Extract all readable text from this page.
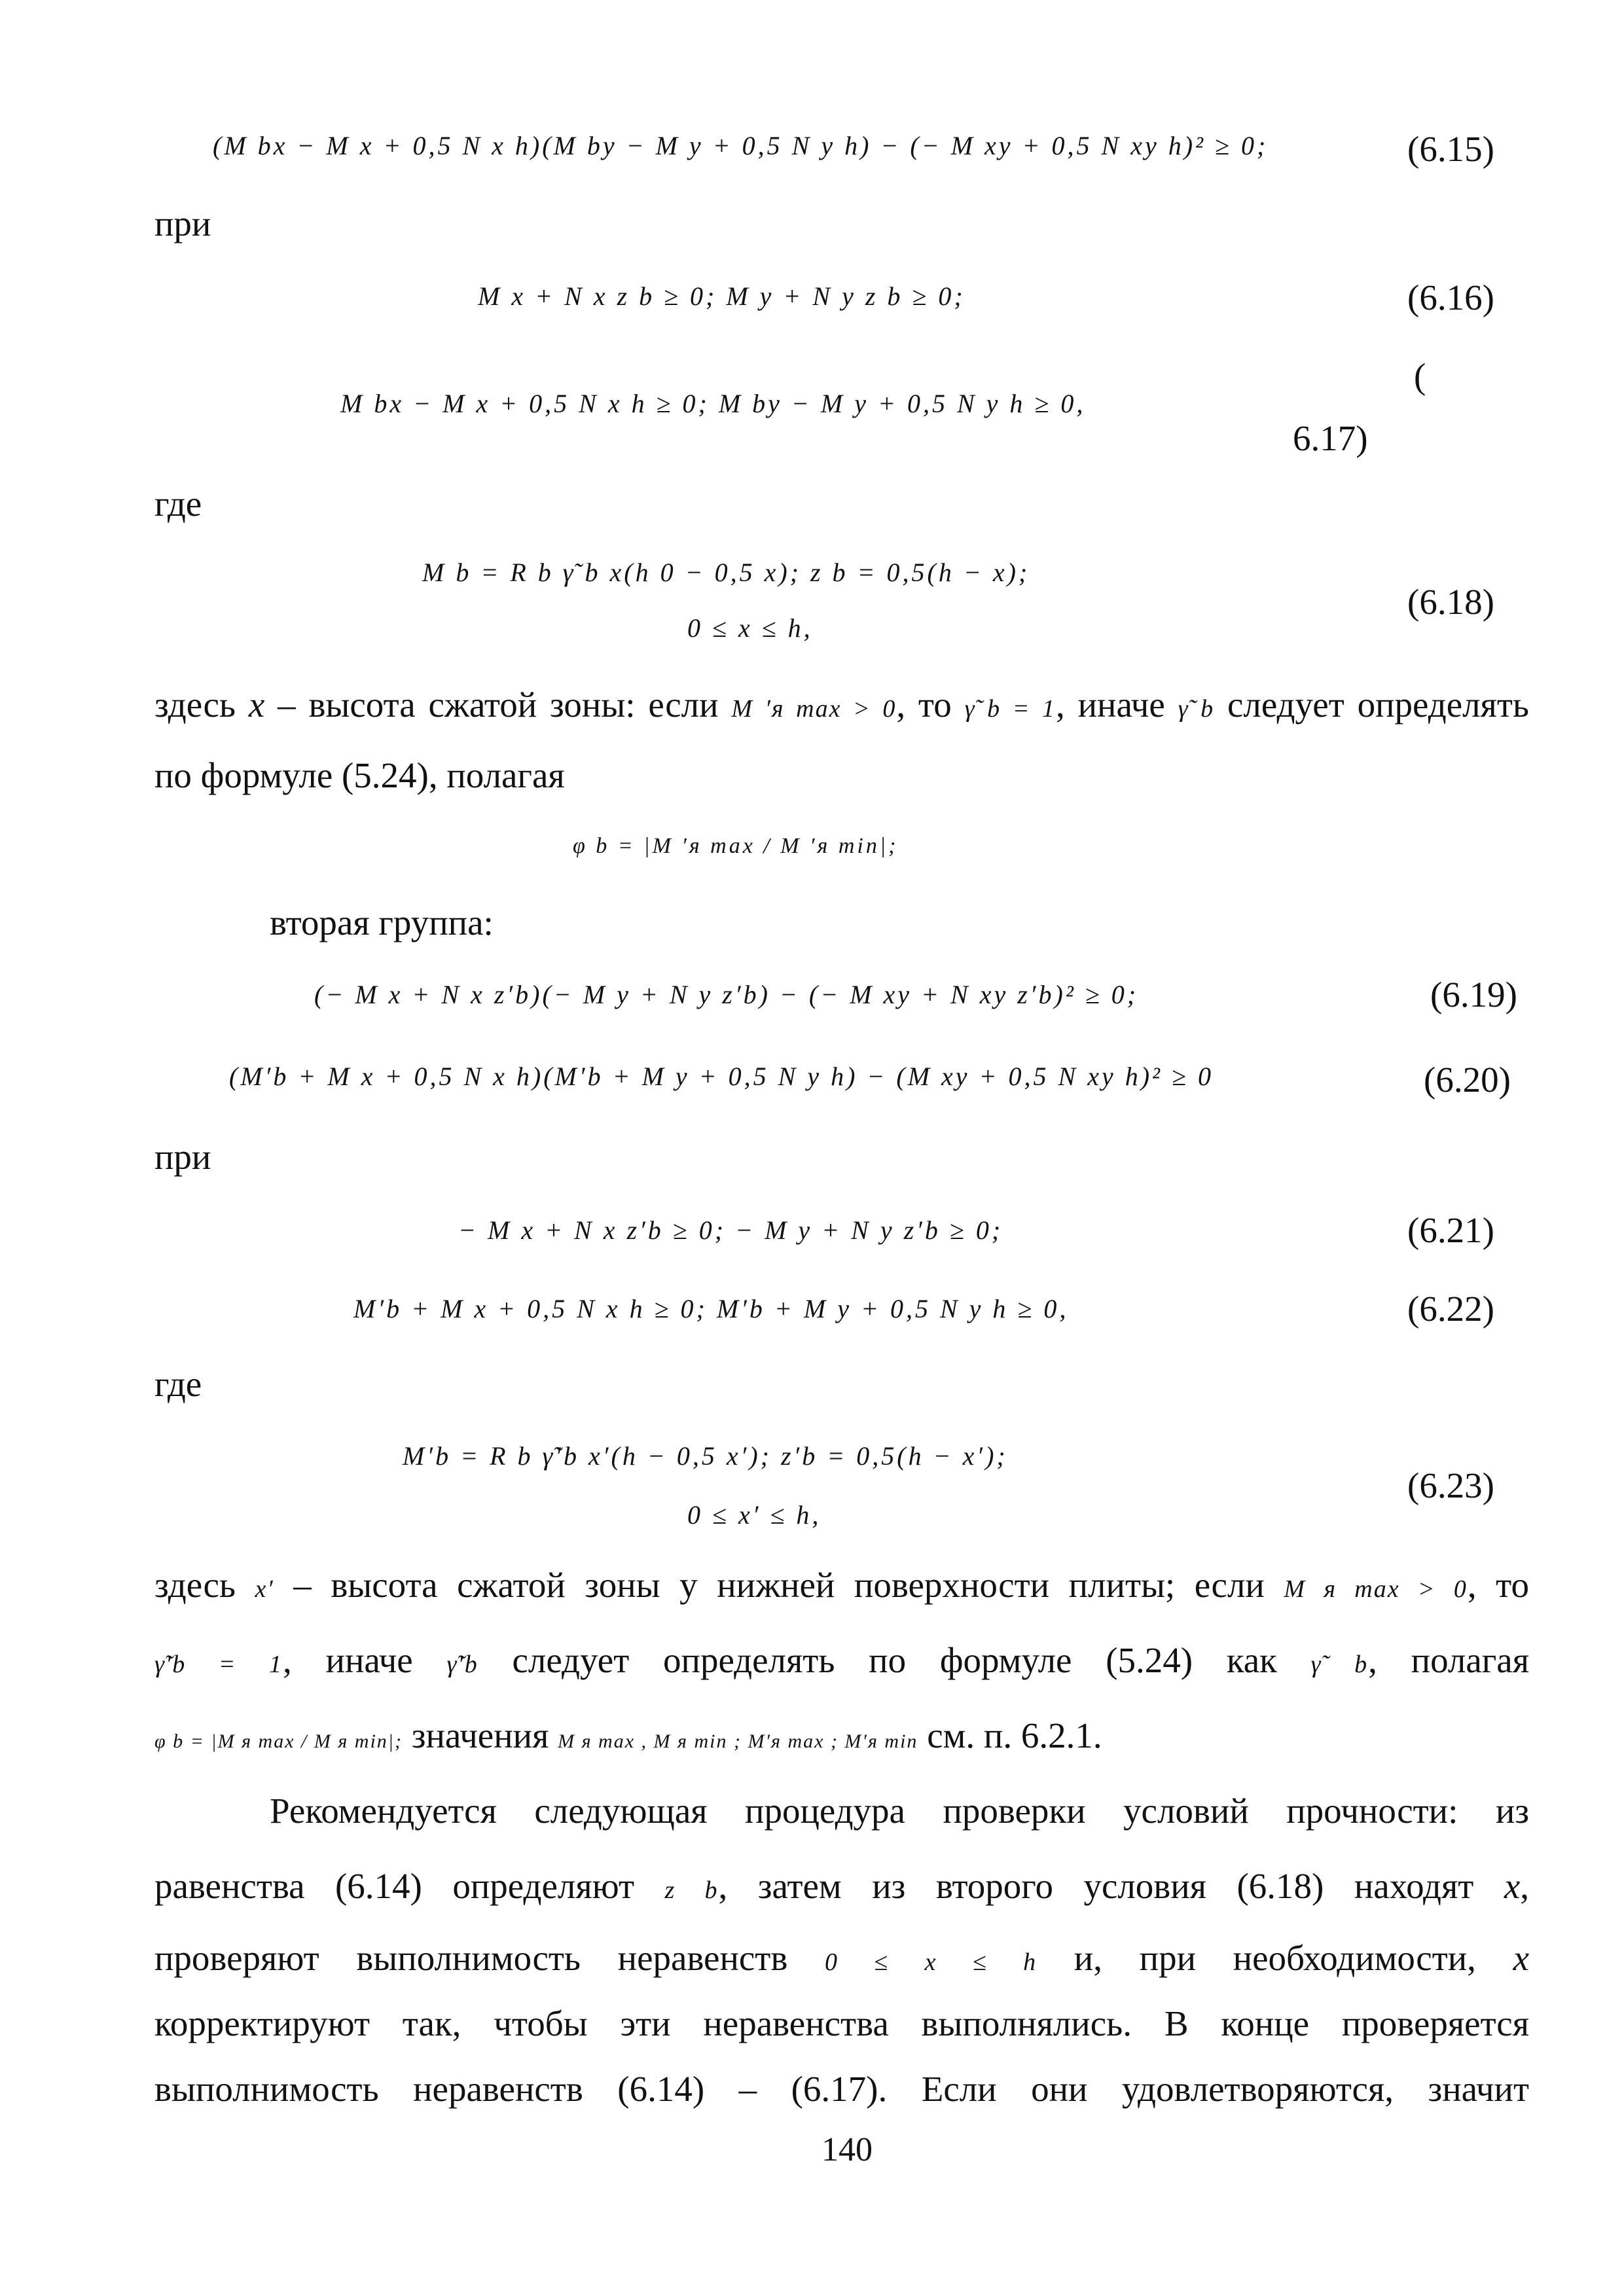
(M bx − M x + 0,5 N x h)(M by − M y + 0,5 N y h) − (− M xy + 0,5 N xy h)² ≥ 0;	(6.15)
при
M x + N x z b ≥ 0; M y + N y z b ≥ 0;	(6.16)
M bx − M x + 0,5 N x h ≥ 0; M by − M y + 0,5 N y h ≥ 0,
(
6.17)
где
M b = R b γ̃ b x(h 0 − 0,5 x); z b = 0,5(h − x);
0 ≤ x ≤ h,
(6.18)
здесь x – высота сжатой зоны: если M ′я max > 0, то γ̃ b = 1, иначе γ̃ b следует определять
по формуле (5.24), полагая
φ b = |M ′я max / M ′я min|;
вторая группа:
(− M x + N x z′b)(− M y + N y z′b) − (− M xy + N xy z′b)² ≥ 0;	(6.19)
(M′b + M x + 0,5 N x h)(M′b + M y + 0,5 N y h) − (M xy + 0,5 N xy h)² ≥ 0	(6.20)
при
− M x + N x z′b ≥ 0; − M y + N y z′b ≥ 0;	(6.21)
M′b + M x + 0,5 N x h ≥ 0; M′b + M y + 0,5 N y h ≥ 0,	(6.22)
где
M′b = R b γ̃′b x′(h − 0,5 x′); z′b = 0,5(h − x′);
0 ≤ x′ ≤ h,
(6.23)
здесь x′ – высота сжатой зоны у нижней поверхности плиты; если M я max > 0, то
γ̃′b = 1, иначе γ̃′b следует определять по формуле (5.24) как γ̃ b, полагая
φ b = |M я max / M я min|; значения M я max , M я min ; M′я max ; M′я min см. п. 6.2.1.
Рекомендуется следующая процедура проверки условий прочности: из
равенства (6.14) определяют z b, затем из второго условия (6.18) находят x,
проверяют выполнимость неравенств 0 ≤ x ≤ h и, при необходимости, x
корректируют так, чтобы эти неравенства выполнялись. В конце проверяется
выполнимость неравенств (6.14) – (6.17). Если они удовлетворяются, значит
140
